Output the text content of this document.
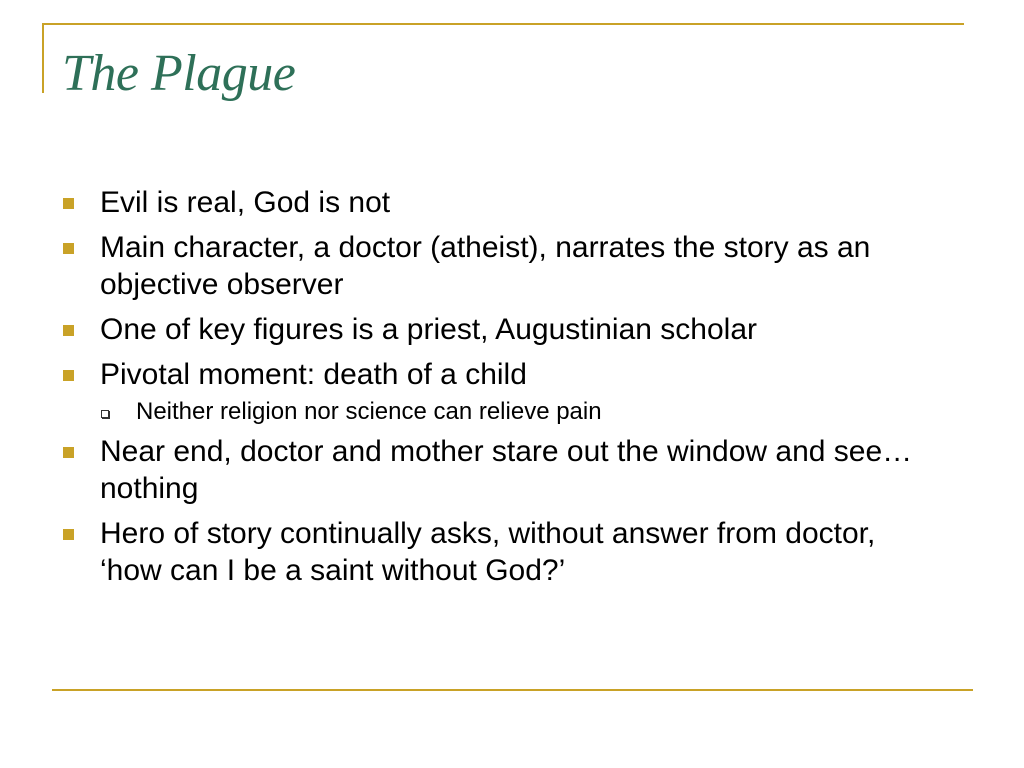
The Plague
Evil is real, God is not
Main character, a doctor (atheist), narrates the story as an objective observer
One of key figures is a priest, Augustinian scholar
Pivotal moment: death of a child
Neither religion nor science can relieve pain
Near end, doctor and mother stare out the window and see…nothing
Hero of story continually asks, without answer from doctor, ‘how can I be a saint without God?’
